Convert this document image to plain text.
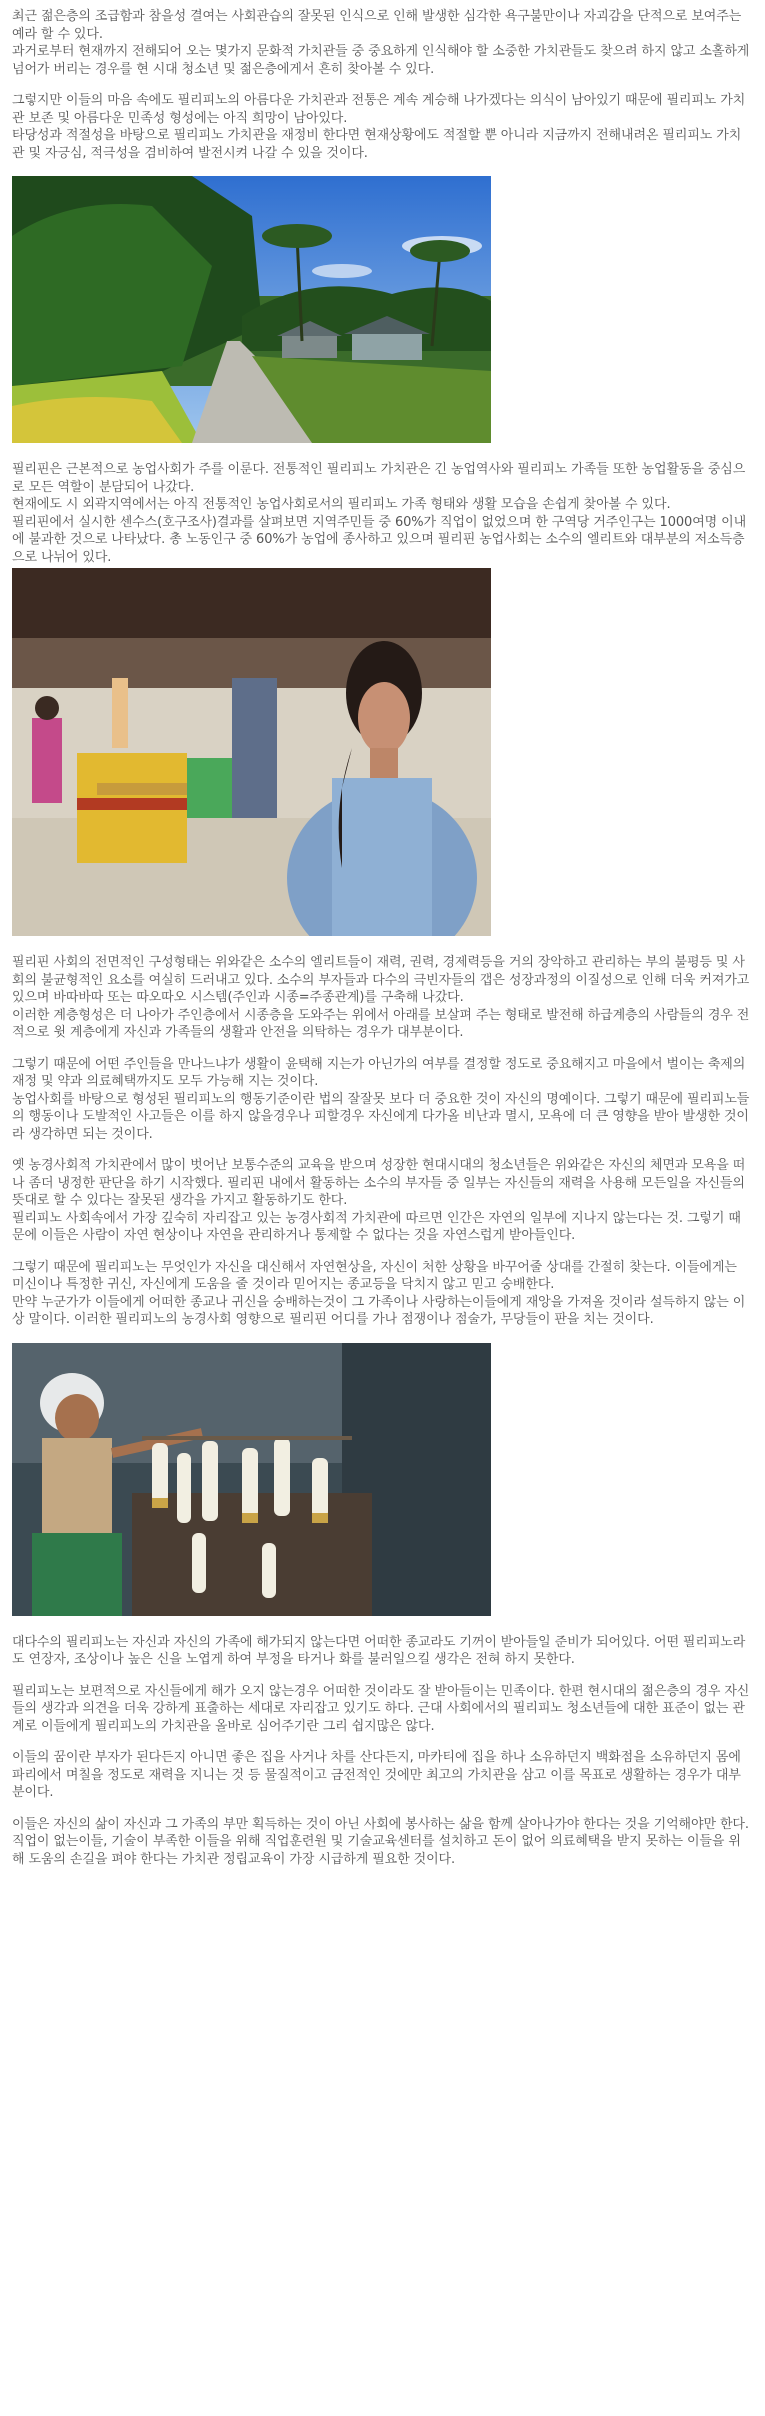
최근 젊은층의 조급함과 참을성 결여는 사회관습의 잘못된 인식으로 인해 발생한 심각한 욕구불만이나 자괴감을 단적으로 보여주는 예라 할 수 있다.

과거로부터 현재까지 전해되어 오는 몇가지 문화적 가치관들 중 중요하게 인식해야 할 소중한 가치관들도 찾으려 하지 않고 소홀하게 넘어가 버리는 경우를 현 시대 청소년 및 젊은층에게서 흔히 찾아볼 수 있다.

그렇지만 이들의 마음 속에도 필리피노의 아름다운 가치관과 전통은 계속 계승해 나가겠다는 의식이 남아있기 때문에 필리피노 가치관 보존 및 아름다운 민족성 형성에는 아직 희망이 남아있다.

타당성과 적절성을 바탕으로 필리피노 가치관을 재정비 한다면 현재상황에도 적절할 뿐 아니라 지금까지 전해내려온 필리피노 가치관 및 자긍심, 적극성을 겸비하여 발전시켜 나갈 수 있을 것이다.

필리핀은 근본적으로 농업사회가 주를 이룬다. 전통적인 필리피노 가치관은 긴 농업역사와 필리피노 가족들 또한 농업활동을 중심으로 모든 역할이 분담되어 나갔다.

현재에도 시 외곽지역에서는 아직 전통적인 농업사회로서의 필리피노 가족 형태와 생활 모습을 손쉽게 찾아볼 수 있다.

필리핀에서 실시한 센수스(호구조사)결과를 살펴보면 지역주민들 중 60%가 직업이 없었으며 한 구역당 거주인구는 1000여명 이내에 불과한 것으로 나타났다. 총 노동인구 중 60%가 농업에 종사하고 있으며 필리핀 농업사회는 소수의 엘리트와 대부분의 저소득층으로 나뉘어 있다.

필리핀 사회의 전면적인 구성형태는 위와같은 소수의 엘리트들이 재력, 권력, 경제력등을 거의 장악하고 관리하는 부의 불평등 및 사회의 불균형적인 요소를 여실히 드러내고 있다. 소수의 부자들과 다수의 극빈자들의 갭은 성장과정의 이질성으로 인해 더욱 커져가고 있으며 바따바따 또는 따오따오 시스템(주인과 시종=주종관계)를 구축해 나갔다.

이러한 계층형성은 더 나아가 주인층에서 시종층을 도와주는 위에서 아래를 보살펴 주는 형태로 발전해 하급계층의 사람들의 경우 전적으로 윗 계층에게 자신과 가족들의 생활과 안전을 의탁하는 경우가 대부분이다.

그렇기 때문에 어떤 주인들을 만나느냐가 생활이 윤택해 지는가 아닌가의 여부를 결정할 정도로 중요해지고 마을에서 벌이는 축제의 재정 및 약과 의료혜택까지도 모두 가능해 지는 것이다.

농업사회를 바탕으로 형성된 필리피노의 행동기준이란 법의 잘잘못 보다 더 중요한 것이 자신의 명예이다. 그렇기 때문에 필리피노들의 행동이나 도발적인 사고들은 이를 하지 않을경우나 피할경우 자신에게 다가올 비난과 멸시, 모욕에 더 큰 영향을 받아 발생한 것이라 생각하면 되는 것이다.

옛 농경사회적 가치관에서 많이 벗어난 보통수준의 교육을 받으며 성장한 현대시대의 청소년들은 위와같은 자신의 체면과 모욕을 떠나 좀더 냉정한 판단을 하기 시작했다. 필리핀 내에서 활동하는 소수의 부자들 중 일부는 자신들의 재력을 사용해 모든일을 자신들의 뜻대로 할 수 있다는 잘못된 생각을 가지고 활동하기도 한다.

필리피노 사회속에서 가장 깊숙히 자리잡고 있는 농경사회적 가치관에 따르면 인간은 자연의 일부에 지나지 않는다는 것. 그렇기 때문에 이들은 사람이 자연 현상이나 자연을 관리하거나 통제할 수 없다는 것을 자연스럽게 받아들인다.

그렇기 때문에 필리피노는 무엇인가 자신을 대신해서 자연현상을, 자신이 처한 상황을 바꾸어줄 상대를 간절히 찾는다. 이들에게는 미신이나 특정한 귀신, 자신에게 도움을 줄 것이라 믿어지는 종교등을 닥치지 않고 믿고 숭배한다.

만약 누군가가 이들에게 어떠한 종교나 귀신을 숭배하는것이 그 가족이나 사랑하는이들에게 재앙을 가져올 것이라 설득하지 않는 이상 말이다. 이러한 필리피노의 농경사회 영향으로 필리핀 어디를 가나 점쟁이나 점술가, 무당들이 판을 치는 것이다.

대다수의 필리피노는 자신과 자신의 가족에 해가되지 않는다면 어떠한 종교라도 기꺼이 받아들일 준비가 되어있다. 어떤 필리피노라도 연장자, 조상이나 높은 신을 노엽게 하여 부정을 타거나 화를 불러일으킬 생각은 전혀 하지 못한다.

필리피노는 보편적으로 자신들에게 해가 오지 않는경우 어떠한 것이라도 잘 받아들이는 민족이다. 한편 현시대의 젊은층의 경우 자신들의 생각과 의견을 더욱 강하게 표출하는 세대로 자리잡고 있기도 하다. 근대 사회에서의 필리피노 청소년들에 대한 표준이 없는 관계로 이들에게 필리피노의 가치관을 올바로 심어주기란 그리 쉽지많은 않다.

이들의 꿈이란 부자가 된다든지 아니면 좋은 집을 사거나 차를 산다든지, 마카티에 집을 하나 소유하던지 백화점을 소유하던지 몸에 파리에서 며칠을 정도로 재력을 지니는 것 등 물질적이고 금전적인 것에만 최고의 가치관을 삼고 이를 목표로 생활하는 경우가 대부분이다.

이들은 자신의 삶이 자신과 그 가족의 부만 획득하는 것이 아닌 사회에 봉사하는 삶을 함께 살아나가야 한다는 것을 기억해야만 한다.

직업이 없는이들, 기술이 부족한 이들을 위해 직업훈련원 및 기술교육센터를 설치하고 돈이 없어 의료혜택을 받지 못하는 이들을 위해 도움의 손길을 펴야 한다는 가치관 정립교육이 가장 시급하게 필요한 것이다.
